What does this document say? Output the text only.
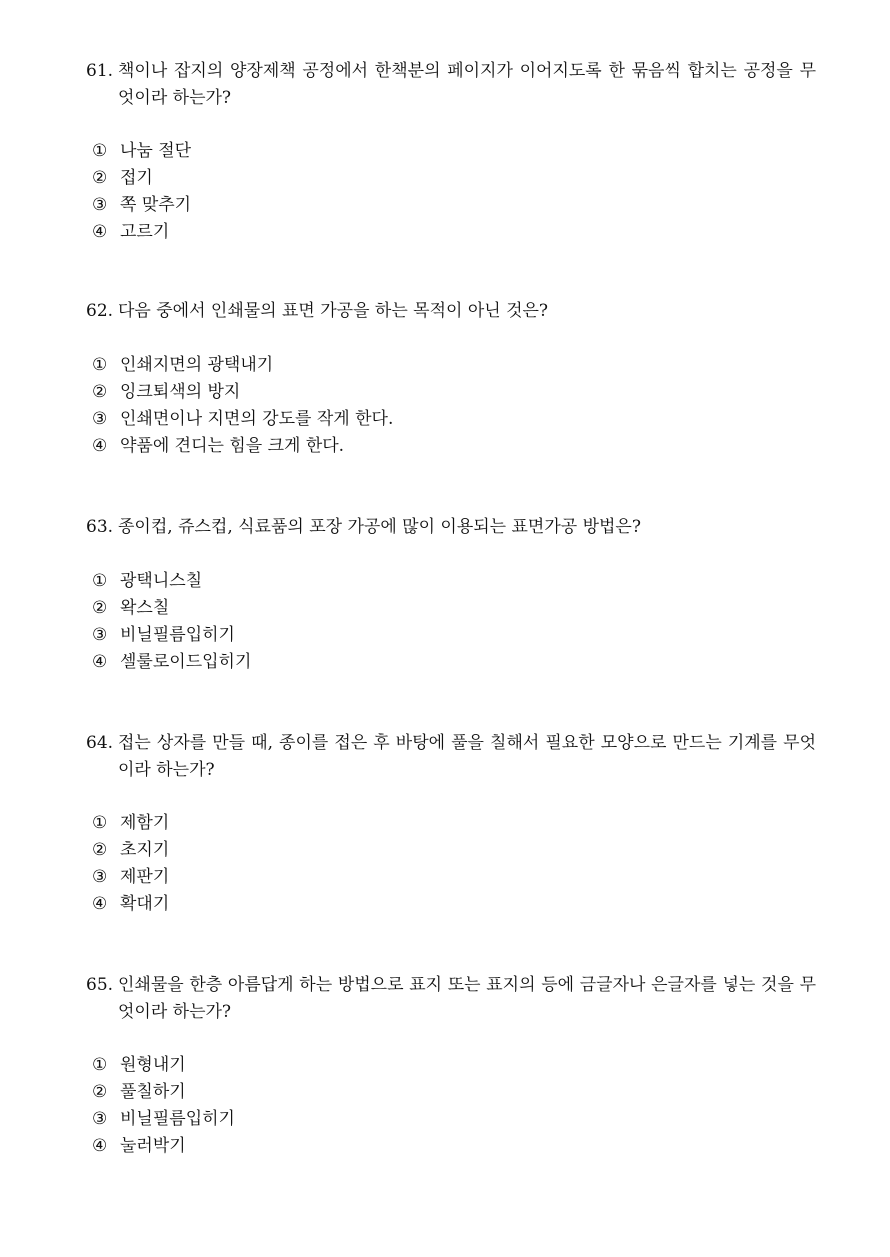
61. 책이나 잡지의 양장제책 공정에서 한책분의 페이지가 이어지도록 한 묶음씩 합치는 공정을 무엇이라 하는가?
① 나눔 절단
② 접기
③ 쪽 맞추기
④ 고르기
62. 다음 중에서 인쇄물의 표면 가공을 하는 목적이 아닌 것은?
① 인쇄지면의 광택내기
② 잉크퇴색의 방지
③ 인쇄면이나 지면의 강도를 작게 한다.
④ 약품에 견디는 힘을 크게 한다.
63. 종이컵, 쥬스컵, 식료품의 포장 가공에 많이 이용되는 표면가공 방법은?
① 광택니스칠
② 왁스칠
③ 비닐필름입히기
④ 셀룰로이드입히기
64. 접는 상자를 만들 때, 종이를 접은 후 바탕에 풀을 칠해서 필요한 모양으로 만드는 기계를 무엇이라 하는가?
① 제함기
② 초지기
③ 제판기
④ 확대기
65. 인쇄물을 한층 아름답게 하는 방법으로 표지 또는 표지의 등에 금글자나 은글자를 넣는 것을 무엇이라 하는가?
① 원형내기
② 풀칠하기
③ 비닐필름입히기
④ 눌러박기
